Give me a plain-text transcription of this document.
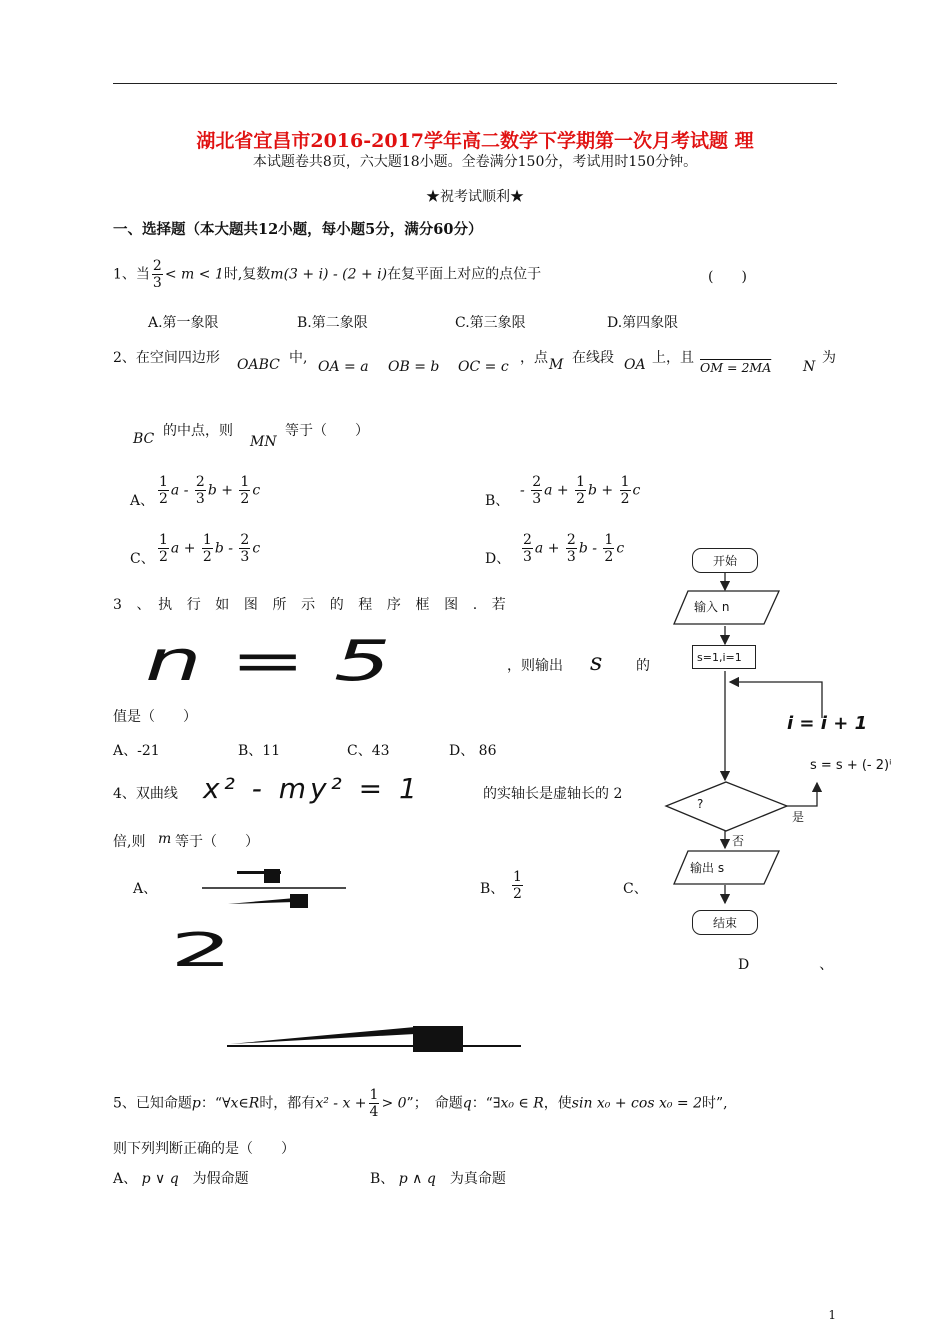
湖北省宜昌市2016-2017学年高二数学下学期第一次月考试题 理
本试题卷共8页，六大题18小题。全卷满分150分，考试用时150分钟。
★祝考试顺利★
一、选择题（本大题共12小题，每小题5分，满分60分）
1、当 $\frac{2}{3} < m < 1$时,复数m(3 + i) - (2 + i)在复平面上对应的点位于	(　　)
A.第一象限	B.第二象限	C.第三象限	D.第四象限
2、在空间四边形 OABC 中,
OA = a OB = b OC = c
，点 M 在线段 OA 上，且
OM = 2MA N
为
BC 的中点，则
MN
等于（　　）
A、 $\frac{1}{2}$ a - $\frac{2}{3}$ $b + \frac{1}{2}$ c
B、
- $\frac{2}{3}$ $a + \frac{1}{2}$ $b + \frac{1}{2}$ c
C、 $\frac{1}{2}$ $a + \frac{1}{2}$ b - $\frac{2}{3}$ c
D、 $\frac{2}{3}$ $a + \frac{2}{3}$ b - $\frac{1}{2}$ c
3　、　执　行　如　图　所　示　的　程　序　框　图　.　若
n = 5	，则输出 s 的
值是（　　）
A、-21	B、11	C、43	D、 86
4、双曲线 x² - my² = 1	的实轴长是虚轴长的 2
倍,则 m 等于（　　）
A、	B、 $\frac{1}{2}$	C、
2	D　　　　　、
5、已知命题p：“∀x∈R时，都有$x^2 - x + \frac{1}{4} > 0$”；　命题q：“∃x₀ ∈ R，使sin x₀ + cos x₀ = 2时”,
则下列判断正确的是（　　）
A、 p ∨ q　 为假命题	B、 p ∧ q　 为真命题
开始
输入 n
s=1,i=1
i = i + 1
s = s + (- 2)ⁱ
?
是
否
输出 s
结束
1
